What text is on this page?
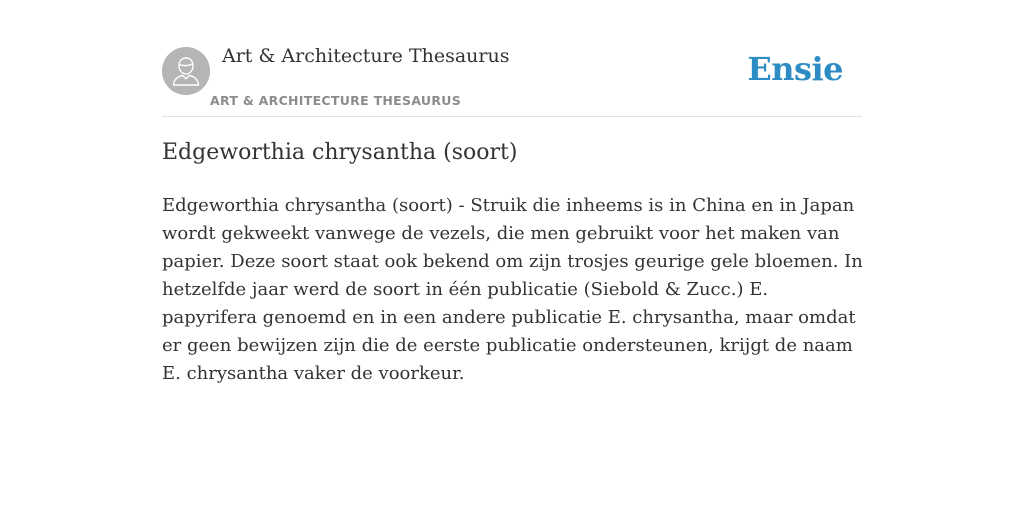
Art & Architecture Thesaurus
ART & ARCHITECTURE THESAURUS
Ensie
Edgeworthia chrysantha (soort)

Edgeworthia chrysantha (soort) - Struik die inheems is in China en in Japan wordt gekweekt vanwege de vezels, die men gebruikt voor het maken van papier. Deze soort staat ook bekend om zijn trosjes geurige gele bloemen. In hetzelfde jaar werd de soort in één publicatie (Siebold & Zucc.) E. papyrifera genoemd en in een andere publicatie E. chrysantha, maar omdat er geen bewijzen zijn die de eerste publicatie ondersteunen, krijgt de naam E. chrysantha vaker de voorkeur.
